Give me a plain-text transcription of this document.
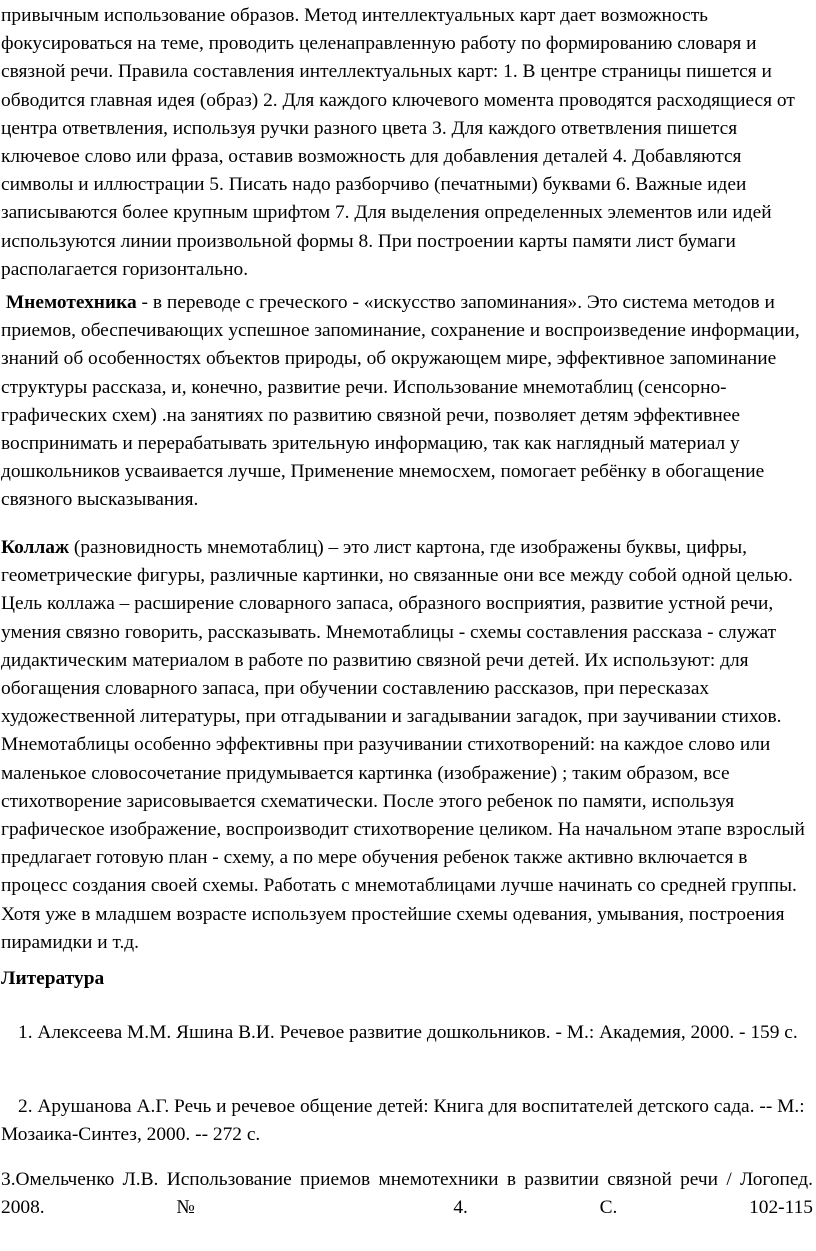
привычным использование образов. Метод интеллектуальных карт дает возможность фокусироваться на теме, проводить целенаправленную работу по формированию словаря и связной речи. Правила составления интеллектуальных карт: 1. В центре страницы пишется и обводится главная идея (образ) 2. Для каждого ключевого момента проводятся расходящиеся от центра ответвления, используя ручки разного цвета 3. Для каждого ответвления пишется ключевое слово или фраза, оставив возможность для добавления деталей 4. Добавляются символы и иллюстрации 5. Писать надо разборчиво (печатными) буквами 6. Важные идеи записываются более крупным шрифтом 7. Для выделения определенных элементов или идей используются линии произвольной формы 8. При построении карты памяти лист бумаги располагается горизонтально.

Мнемотехника - в переводе с греческого - «искусство запоминания». Это система методов и приемов, обеспечивающих успешное запоминание, сохранение и воспроизведение информации, знаний об особенностях объектов природы, об окружающем мире, эффективное запоминание структуры рассказа, и, конечно, развитие речи. Использование мнемотаблиц (сенсорно-графических схем) .на занятиях по развитию связной речи, позволяет детям эффективнее воспринимать и перерабатывать зрительную информацию, так как наглядный материал у дошкольников усваивается лучше, Применение мнемосхем, помогает ребёнку в обогащение связного высказывания.

Коллаж (разновидность мнемотаблиц) – это лист картона, где изображены буквы, цифры, геометрические фигуры, различные картинки, но связанные они все между собой одной целью. Цель коллажа – расширение словарного запаса, образного восприятия, развитие устной речи, умения связно говорить, рассказывать. Мнемотаблицы - схемы составления рассказа - служат дидактическим материалом в работе по развитию связной речи детей. Их используют: для обогащения словарного запаса, при обучении составлению рассказов, при пересказах художественной литературы, при отгадывании и загадывании загадок, при заучивании стихов. Мнемотаблицы особенно эффективны при разучивании стихотворений: на каждое слово или маленькое словосочетание придумывается картинка (изображение) ; таким образом, все стихотворение зарисовывается схематически. После этого ребенок по памяти, используя графическое изображение, воспроизводит стихотворение целиком. На начальном этапе взрослый предлагает готовую план - схему, а по мере обучения ребенок также активно включается в процесс создания своей схемы. Работать с мнемотаблицами лучше начинать со средней группы. Хотя уже в младшем возрасте используем простейшие схемы одевания, умывания, построения пирамидки и т.д.

Литература

1. Алексеева М.М. Яшина В.И. Речевое развитие дошкольников. - М.: Академия, 2000. - 159 с.

2. Арушанова А.Г. Речь и речевое общение детей: Книга для воспитателей детского сада. -- М.: Мозаика-Синтез, 2000. -- 272 с.

3.Омельченко Л.В. Использование приемов мнемотехники в развитии связной речи / Логопед. 2008. № 4. С. 102-115
